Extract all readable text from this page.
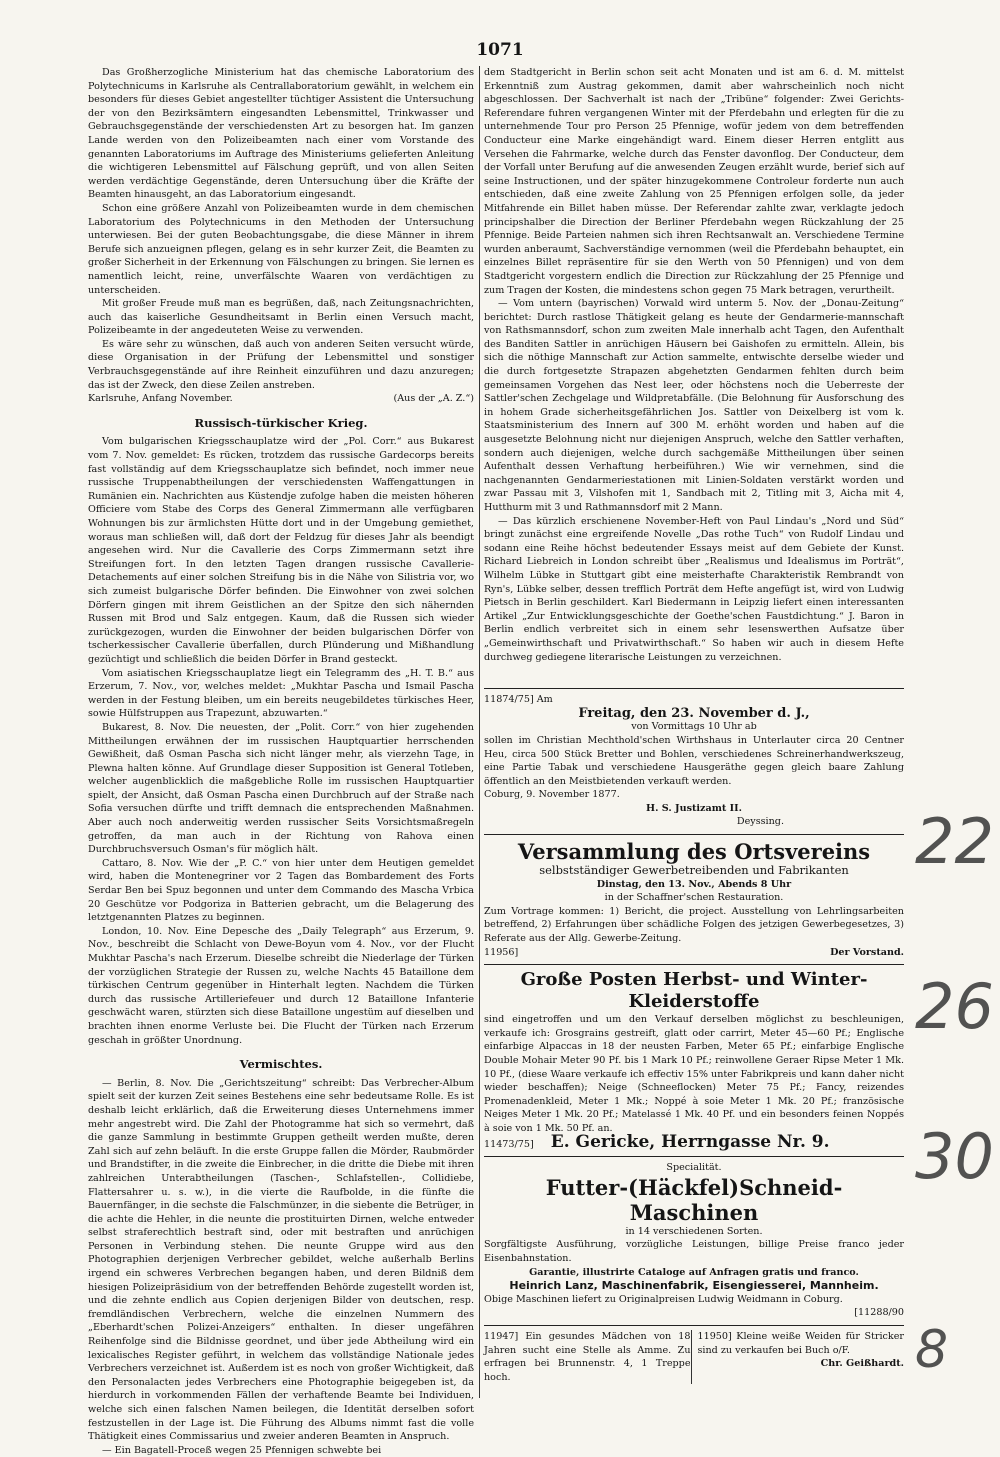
1071

Das Großherzogliche Ministerium hat das chemische Laboratorium des Polytechnicums in Karlsruhe als Centrallaboratorium gewählt, in welchem ein besonders für dieses Gebiet angestellter tüchtiger Assistent die Untersuchung der von den Bezirksämtern eingesandten Lebensmittel, Trinkwasser und Gebrauchsgegenstände der verschiedensten Art zu besorgen hat. Im ganzen Lande werden von den Polizeibeamten nach einer vom Vorstande des genannten Laboratoriums im Auftrage des Ministeriums gelieferten Anleitung die wichtigeren Lebensmittel auf Fälschung geprüft, und von allen Seiten werden verdächtige Gegenstände, deren Untersuchung über die Kräfte der Beamten hinausgeht, an das Laboratorium eingesandt.

Schon eine größere Anzahl von Polizeibeamten wurde in dem chemischen Laboratorium des Polytechnicums in den Methoden der Untersuchung unterwiesen. Bei der guten Beobachtungsgabe, die diese Männer in ihrem Berufe sich anzueignen pflegen, gelang es in sehr kurzer Zeit, die Beamten zu großer Sicherheit in der Erkennung von Fälschungen zu bringen. Sie lernen es namentlich leicht, reine, unverfälschte Waaren von verdächtigen zu unterscheiden.

Mit großer Freude muß man es begrüßen, daß, nach Zeitungsnachrichten, auch das kaiserliche Gesundheitsamt in Berlin einen Versuch macht, Polizeibeamte in der angedeuteten Weise zu verwenden.

Es wäre sehr zu wünschen, daß auch von anderen Seiten versucht würde, diese Organisation in der Prüfung der Lebensmittel und sonstiger Verbrauchsgegenstände auf ihre Reinheit einzuführen und dazu anzuregen; das ist der Zweck, den diese Zeilen anstreben.

Karlsruhe, Anfang November.	(Aus der „A. Z.“)

Russisch-türkischer Krieg.

Vom bulgarischen Kriegsschauplatze wird der „Pol. Corr.“ aus Bukarest vom 7. Nov. gemeldet: Es rücken, trotzdem das russische Gardecorps bereits fast vollständig auf dem Kriegsschauplatze sich befindet, noch immer neue russische Truppenabtheilungen der verschiedensten Waffengattungen in Rumänien ein. Nachrichten aus Küstendje zufolge haben die meisten höheren Officiere vom Stabe des Corps des General Zimmermann alle verfügbaren Wohnungen bis zur ärmlichsten Hütte dort und in der Umgebung gemiethet, woraus man schließen will, daß dort der Feldzug für dieses Jahr als beendigt angesehen wird. Nur die Cavallerie des Corps Zimmermann setzt ihre Streifungen fort. In den letzten Tagen drangen russische Cavallerie-Detachements auf einer solchen Streifung bis in die Nähe von Silistria vor, wo sich zumeist bulgarische Dörfer befinden. Die Einwohner von zwei solchen Dörfern gingen mit ihrem Geistlichen an der Spitze den sich nähernden Russen mit Brod und Salz entgegen. Kaum, daß die Russen sich wieder zurückgezogen, wurden die Einwohner der beiden bulgarischen Dörfer von tscherkessischer Cavallerie überfallen, durch Plünderung und Mißhandlung gezüchtigt und schließlich die beiden Dörfer in Brand gesteckt.

Vom asiatischen Kriegsschauplatze liegt ein Telegramm des „H. T. B.“ aus Erzerum, 7. Nov., vor, welches meldet: „Mukhtar Pascha und Ismail Pascha werden in der Festung bleiben, um ein bereits neugebildetes türkisches Heer, sowie Hülfstruppen aus Trapezunt, abzuwarten.“

Bukarest, 8. Nov. Die neuesten, der „Polit. Corr.“ von hier zugehenden Mittheilungen erwähnen der im russischen Hauptquartier herrschenden Gewißheit, daß Osman Pascha sich nicht länger mehr, als vierzehn Tage, in Plewna halten könne. Auf Grundlage dieser Supposition ist General Totleben, welcher augenblicklich die maßgebliche Rolle im russischen Hauptquartier spielt, der Ansicht, daß Osman Pascha einen Durchbruch auf der Straße nach Sofia versuchen dürfte und trifft demnach die entsprechenden Maßnahmen. Aber auch noch anderweitig werden russischer Seits Vorsichtsmaßregeln getroffen, da man auch in der Richtung von Rahova einen Durchbruchsversuch Osman's für möglich hält.

Cattaro, 8. Nov. Wie der „P. C.“ von hier unter dem Heutigen gemeldet wird, haben die Montenegriner vor 2 Tagen das Bombardement des Forts Serdar Ben bei Spuz begonnen und unter dem Commando des Mascha Vrbica 20 Geschütze vor Podgoriza in Batterien gebracht, um die Belagerung des letztgenannten Platzes zu beginnen.

London, 10. Nov. Eine Depesche des „Daily Telegraph“ aus Erzerum, 9. Nov., beschreibt die Schlacht von Dewe-Boyun vom 4. Nov., vor der Flucht Mukhtar Pascha's nach Erzerum. Dieselbe schreibt die Niederlage der Türken der vorzüglichen Strategie der Russen zu, welche Nachts 45 Bataillone dem türkischen Centrum gegenüber in Hinterhalt legten. Nachdem die Türken durch das russische Artilleriefeuer und durch 12 Bataillone Infanterie geschwächt waren, stürzten sich diese Bataillone ungestüm auf dieselben und brachten ihnen enorme Verluste bei. Die Flucht der Türken nach Erzerum geschah in größter Unordnung.

Vermischtes.

— Berlin, 8. Nov. Die „Gerichtszeitung“ schreibt: Das Verbrecher-Album spielt seit der kurzen Zeit seines Bestehens eine sehr bedeutsame Rolle. Es ist deshalb leicht erklärlich, daß die Erweiterung dieses Unternehmens immer mehr angestrebt wird. Die Zahl der Photogramme hat sich so vermehrt, daß die ganze Sammlung in bestimmte Gruppen getheilt werden mußte, deren Zahl sich auf zehn beläuft. In die erste Gruppe fallen die Mörder, Raubmörder und Brandstifter, in die zweite die Einbrecher, in die dritte die Diebe mit ihren zahlreichen Unterabtheilungen (Taschen-, Schlafstellen-, Collidiebe, Flattersahrer u. s. w.), in die vierte die Raufbolde, in die fünfte die Bauernfänger, in die sechste die Falschmünzer, in die siebente die Betrüger, in die achte die Hehler, in die neunte die prostituirten Dirnen, welche entweder selbst straferechtlich bestraft sind, oder mit bestraften und anrüchigen Personen in Verbindung stehen. Die neunte Gruppe wird aus den Photographien derjenigen Verbrecher gebildet, welche außerhalb Berlins irgend ein schweres Verbrechen begangen haben, und deren Bildniß dem hiesigen Polizeipräsidium von der betreffenden Behörde zugestellt worden ist, und die zehnte endlich aus Copien derjenigen Bilder von deutschen, resp. fremdländischen Verbrechern, welche die einzelnen Nummern des „Eberhardt'schen Polizei-Anzeigers“ enthalten. In dieser ungefähren Reihenfolge sind die Bildnisse geordnet, und über jede Abtheilung wird ein lexicalisches Register geführt, in welchem das vollständige Nationale jedes Verbrechers verzeichnet ist. Außerdem ist es noch von großer Wichtigkeit, daß den Personalacten jedes Verbrechers eine Photographie beigegeben ist, da hierdurch in vorkommenden Fällen der verhaftende Beamte bei Individuen, welche sich einen falschen Namen beilegen, die Identität derselben sofort festzustellen in der Lage ist. Die Führung des Albums nimmt fast die volle Thätigkeit eines Commissarius und zweier anderen Beamten in Anspruch.

— Ein Bagatell-Proceß wegen 25 Pfennigen schwebte bei

dem Stadtgericht in Berlin schon seit acht Monaten und ist am 6. d. M. mittelst Erkenntniß zum Austrag gekommen, damit aber wahrscheinlich noch nicht abgeschlossen. Der Sachverhalt ist nach der „Tribüne“ folgender: Zwei Gerichts-Referendare fuhren vergangenen Winter mit der Pferdebahn und erlegten für die zu unternehmende Tour pro Person 25 Pfennige, wofür jedem von dem betreffenden Conducteur eine Marke eingehändigt ward. Einem dieser Herren entglitt aus Versehen die Fahrmarke, welche durch das Fenster davonflog. Der Conducteur, dem der Vorfall unter Berufung auf die anwesenden Zeugen erzählt wurde, berief sich auf seine Instructionen, und der später hinzugekommene Controleur forderte nun auch entschieden, daß eine zweite Zahlung von 25 Pfennigen erfolgen solle, da jeder Mitfahrende ein Billet haben müsse. Der Referendar zahlte zwar, verklagte jedoch principshalber die Direction der Berliner Pferdebahn wegen Rückzahlung der 25 Pfennige. Beide Parteien nahmen sich ihren Rechtsanwalt an. Verschiedene Termine wurden anberaumt, Sachverständige vernommen (weil die Pferdebahn behauptet, ein einzelnes Billet repräsentire für sie den Werth von 50 Pfennigen) und von dem Stadtgericht vorgestern endlich die Direction zur Rückzahlung der 25 Pfennige und zum Tragen der Kosten, die mindestens schon gegen 75 Mark betragen, verurtheilt.

— Vom untern (bayrischen) Vorwald wird unterm 5. Nov. der „Donau-Zeitung“ berichtet: Durch rastlose Thätigkeit gelang es heute der Gendarmerie-mannschaft von Rathsmannsdorf, schon zum zweiten Male innerhalb acht Tagen, den Aufenthalt des Banditen Sattler in anrüchigen Häusern bei Gaishofen zu ermitteln. Allein, bis sich die nöthige Mannschaft zur Action sammelte, entwischte derselbe wieder und die durch fortgesetzte Strapazen abgehetzten Gendarmen fehlten durch beim gemeinsamen Vorgehen das Nest leer, oder höchstens noch die Ueberreste der Sattler'schen Zechgelage und Wildpretabfälle. (Die Belohnung für Ausforschung des in hohem Grade sicherheitsgefährlichen Jos. Sattler von Deixelberg ist vom k. Staatsministerium des Innern auf 300 M. erhöht worden und haben auf die ausgesetzte Belohnung nicht nur diejenigen Anspruch, welche den Sattler verhaften, sondern auch diejenigen, welche durch sachgemäße Mittheilungen über seinen Aufenthalt dessen Verhaftung herbeiführen.) Wie wir vernehmen, sind die nachgenannten Gendarmeriestationen mit Linien-Soldaten verstärkt worden und zwar Passau mit 3, Vilshofen mit 1, Sandbach mit 2, Titling mit 3, Aicha mit 4, Hutthurm mit 3 und Rathmannsdorf mit 2 Mann.

— Das kürzlich erschienene November-Heft von Paul Lindau's „Nord und Süd“ bringt zunächst eine ergreifende Novelle „Das rothe Tuch“ von Rudolf Lindau und sodann eine Reihe höchst bedeutender Essays meist auf dem Gebiete der Kunst. Richard Liebreich in London schreibt über „Realismus und Idealismus im Porträt“, Wilhelm Lübke in Stuttgart gibt eine meisterhafte Charakteristik Rembrandt von Ryn's, Lübke selber, dessen trefflich Porträt dem Hefte angefügt ist, wird von Ludwig Pietsch in Berlin geschildert. Karl Biedermann in Leipzig liefert einen interessanten Artikel „Zur Entwicklungsgeschichte der Goethe'schen Faustdichtung.“ J. Baron in Berlin endlich verbreitet sich in einem sehr lesenswerthen Aufsatze über „Gemeinwirthschaft und Privatwirthschaft.“ So haben wir auch in diesem Hefte durchweg gediegene literarische Leistungen zu verzeichnen.

11874/75] Am

Freitag, den 23. November d. J.,

von Vormittags 10 Uhr ab

sollen im Christian Mechthold'schen Wirthshaus in Unterlauter circa 20 Centner Heu, circa 500 Stück Bretter und Bohlen, verschiedenes Schreinerhandwerkszeug, eine Partie Tabak und verschiedene Hausgeräthe gegen gleich baare Zahlung öffentlich an den Meistbietenden verkauft werden.

Coburg, 9. November 1877.

H. S. Justizamt II.

Deyssing.

Versammlung des Ortsvereins

selbstständiger Gewerbetreibenden und Fabrikanten

Dinstag, den 13. Nov., Abends 8 Uhr

in der Schaffner'schen Restauration.

Zum Vortrage kommen: 1) Bericht, die project. Ausstellung von Lehrlingsarbeiten betreffend, 2) Erfahrungen über schädliche Folgen des jetzigen Gewerbegesetzes, 3) Referate aus der Allg. Gewerbe-Zeitung.

11956]	Der Vorstand.

Große Posten Herbst- und Winter-Kleiderstoffe

sind eingetroffen und um den Verkauf derselben möglichst zu beschleunigen, verkaufe ich: Grosgrains gestreift, glatt oder carrirt, Meter 45—60 Pf.; Englische einfarbige Alpaccas in 18 der neusten Farben, Meter 65 Pf.; einfarbige Englische Double Mohair Meter 90 Pf. bis 1 Mark 10 Pf.; reinwollene Geraer Ripse Meter 1 Mk. 10 Pf., (diese Waare verkaufe ich effectiv 15% unter Fabrikpreis und kann daher nicht wieder beschaffen); Neige (Schneeflocken) Meter 75 Pf.; Fancy, reizendes Promenadenkleid, Meter 1 Mk.; Noppé à soie Meter 1 Mk. 20 Pf.; französische Neiges Meter 1 Mk. 20 Pf.; Matelassé 1 Mk. 40 Pf. und ein besonders feinen Noppés à soie von 1 Mk. 50 Pf. an.

11473/75] E. Gericke, Herrngasse Nr. 9.

Specialität.

Futter-(Häckfel)Schneid-Maschinen

in 14 verschiedenen Sorten.

Sorgfältigste Ausführung, vorzügliche Leistungen, billige Preise franco jeder Eisenbahnstation.

Garantie, illustrirte Cataloge auf Anfragen gratis und franco.

Heinrich Lanz, Maschinenfabrik, Eisengiesserei, Mannheim.

Obige Maschinen liefert zu Originalpreisen Ludwig Weidmann in Coburg.

[11288/90

11947] Ein gesundes Mädchen von 18 Jahren sucht eine Stelle als Amme. Zu erfragen bei Brunnenstr. 4, 1 Treppe hoch.

11950] Kleine weiße Weiden für Stricker sind zu verkaufen bei Buch o/F.

Chr. Geißhardt.

22
26
30
8
